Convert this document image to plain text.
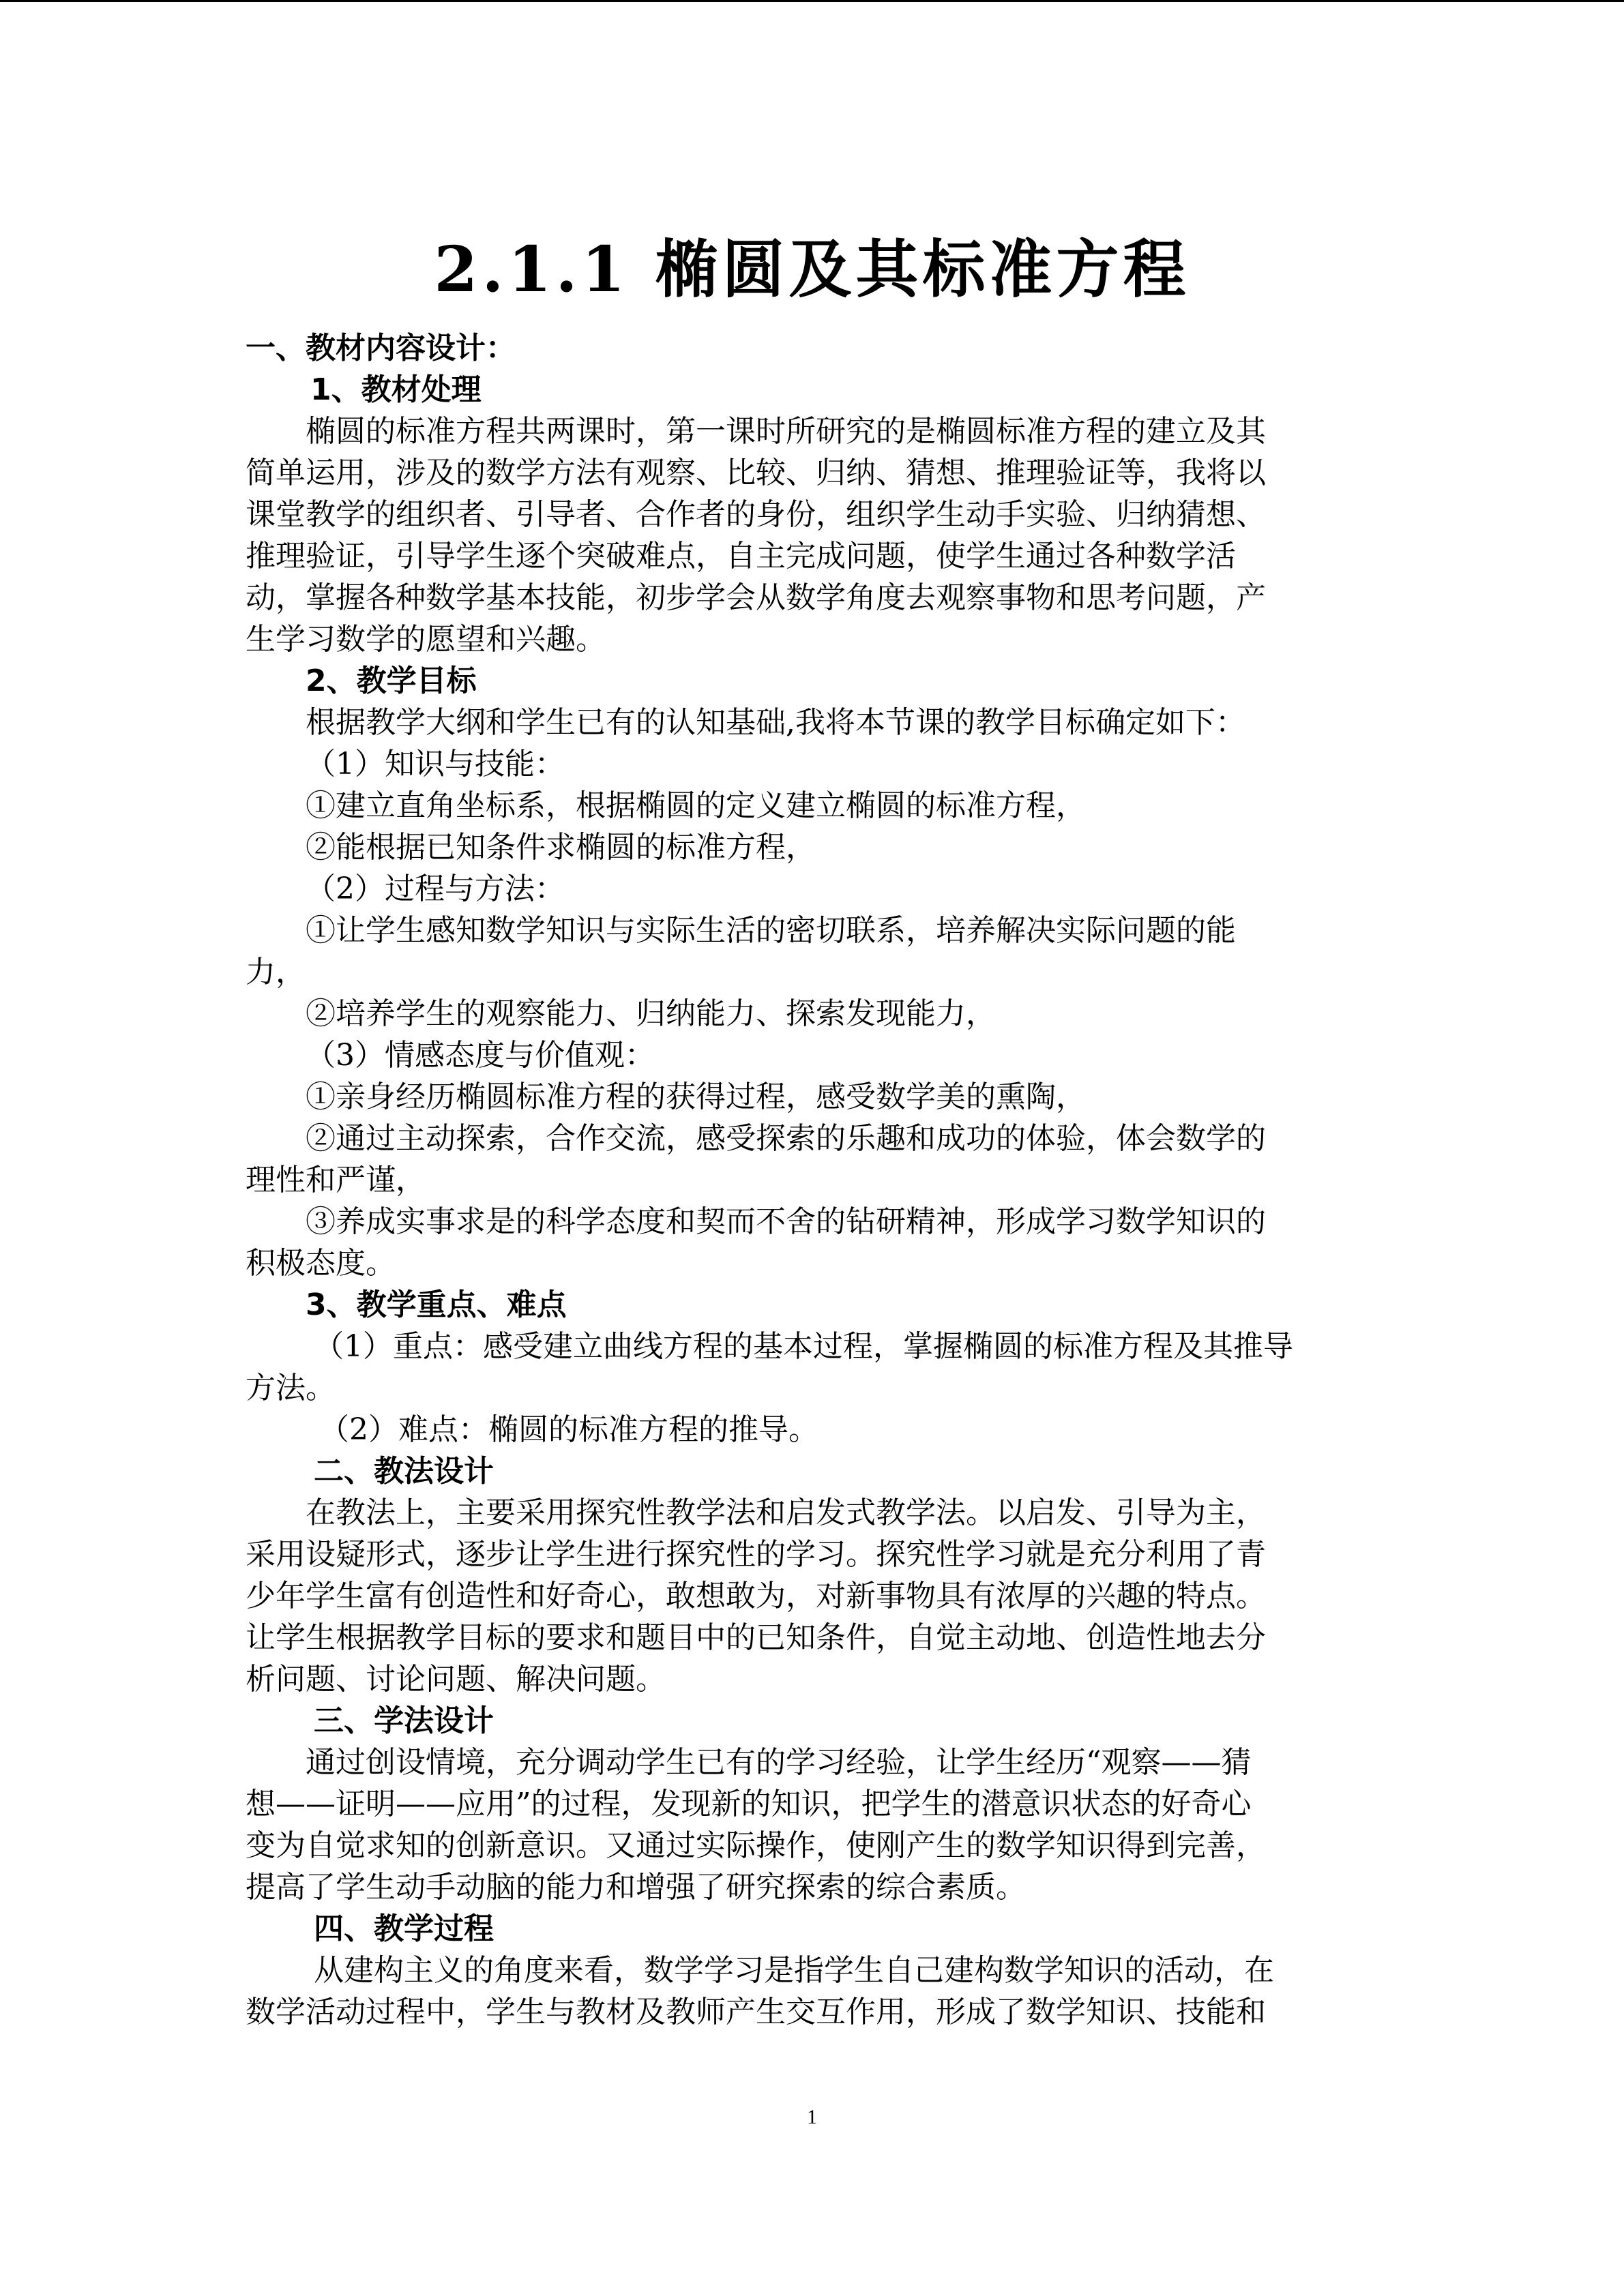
2.1.1 椭圆及其标准方程

一、教材内容设计：

1、教材处理

椭圆的标准方程共两课时，第一课时所研究的是椭圆标准方程的建立及其

简单运用，涉及的数学方法有观察、比较、归纳、猜想、推理验证等，我将以

课堂教学的组织者、引导者、合作者的身份，组织学生动手实验、归纳猜想、

推理验证，引导学生逐个突破难点，自主完成问题，使学生通过各种数学活

动，掌握各种数学基本技能，初步学会从数学角度去观察事物和思考问题，产

生学习数学的愿望和兴趣。

2、教学目标

根据教学大纲和学生已有的认知基础,我将本节课的教学目标确定如下：

（1）知识与技能：

①建立直角坐标系，根据椭圆的定义建立椭圆的标准方程，

②能根据已知条件求椭圆的标准方程，

（2）过程与方法：

①让学生感知数学知识与实际生活的密切联系，培养解决实际问题的能

力，

②培养学生的观察能力、归纳能力、探索发现能力，

（3）情感态度与价值观：

①亲身经历椭圆标准方程的获得过程，感受数学美的熏陶，

②通过主动探索，合作交流，感受探索的乐趣和成功的体验，体会数学的

理性和严谨，

③养成实事求是的科学态度和契而不舍的钻研精神，形成学习数学知识的

积极态度。

3、教学重点、难点

（1）重点：感受建立曲线方程的基本过程，掌握椭圆的标准方程及其推导

方法。

（2）难点：椭圆的标准方程的推导。

二、教法设计

在教法上，主要采用探究性教学法和启发式教学法。以启发、引导为主，

采用设疑形式，逐步让学生进行探究性的学习。探究性学习就是充分利用了青

少年学生富有创造性和好奇心，敢想敢为，对新事物具有浓厚的兴趣的特点。

让学生根据教学目标的要求和题目中的已知条件，自觉主动地、创造性地去分

析问题、讨论问题、解决问题。

三、学法设计

通过创设情境，充分调动学生已有的学习经验，让学生经历“观察——猜

想——证明——应用”的过程，发现新的知识，把学生的潜意识状态的好奇心

变为自觉求知的创新意识。又通过实际操作，使刚产生的数学知识得到完善，

提高了学生动手动脑的能力和增强了研究探索的综合素质。

四、教学过程

从建构主义的角度来看，数学学习是指学生自己建构数学知识的活动，在

数学活动过程中，学生与教材及教师产生交互作用，形成了数学知识、技能和

1
